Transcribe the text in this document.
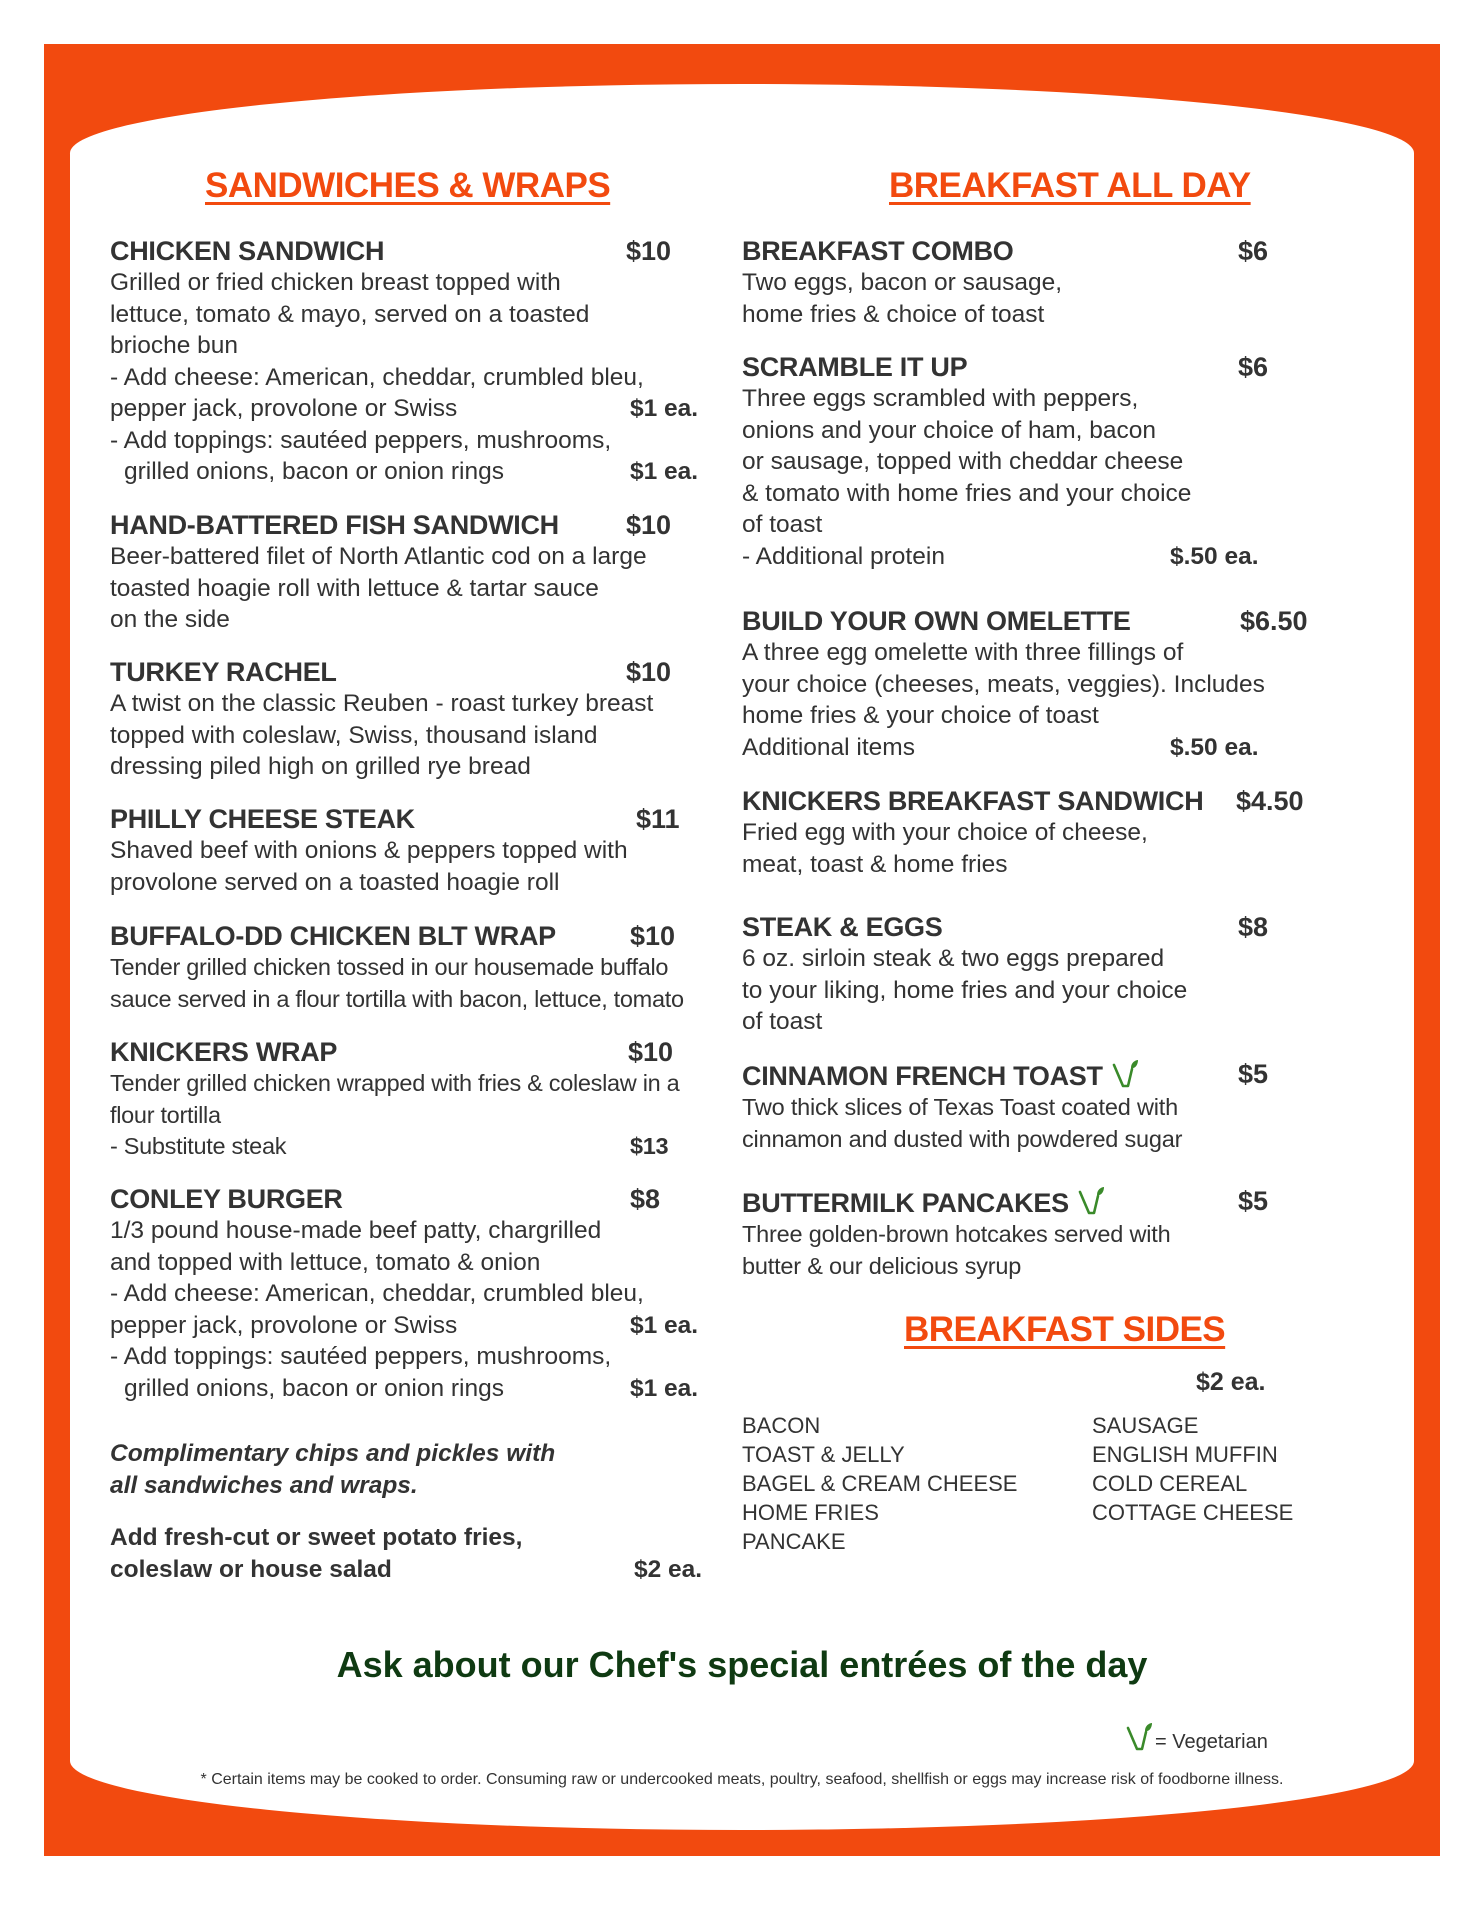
SANDWICHES & WRAPS
CHICKEN SANDWICH	$10
Grilled or fried chicken breast topped with
lettuce, tomato & mayo, served on a toasted
brioche bun
- Add cheese: American, cheddar, crumbled bleu,
pepper jack, provolone or Swiss	$1 ea.
- Add toppings: sautéed peppers, mushrooms,
grilled onions, bacon or onion rings	$1 ea.
HAND-BATTERED FISH SANDWICH	$10
Beer-battered filet of North Atlantic cod on a large
toasted hoagie roll with lettuce & tartar sauce
on the side
TURKEY RACHEL	$10
A twist on the classic Reuben - roast turkey breast
topped with coleslaw, Swiss, thousand island
dressing piled high on grilled rye bread
PHILLY CHEESE STEAK	$11
Shaved beef with onions & peppers topped with
provolone served on a toasted hoagie roll
BUFFALO-DD CHICKEN BLT WRAP	$10
Tender grilled chicken tossed in our housemade buffalo
sauce served in a flour tortilla with bacon, lettuce, tomato
KNICKERS WRAP	$10
Tender grilled chicken wrapped with fries & coleslaw in a
flour tortilla
- Substitute steak	$13
CONLEY BURGER	$8
1/3 pound house-made beef patty, chargrilled
and topped with lettuce, tomato & onion
- Add cheese: American, cheddar, crumbled bleu,
pepper jack, provolone or Swiss	$1 ea.
- Add toppings: sautéed peppers, mushrooms,
grilled onions, bacon or onion rings	$1 ea.
Complimentary chips and pickles with
all sandwiches and wraps.
Add fresh-cut or sweet potato fries,
coleslaw or house salad	$2 ea.
BREAKFAST ALL DAY
BREAKFAST COMBO	$6
Two eggs, bacon or sausage,
home fries & choice of toast
SCRAMBLE IT UP	$6
Three eggs scrambled with peppers,
onions and your choice of ham, bacon
or sausage, topped with cheddar cheese
& tomato with home fries and your choice
of toast
- Additional protein	$.50 ea.
BUILD YOUR OWN OMELETTE	$6.50
A three egg omelette with three fillings of
your choice (cheeses, meats, veggies). Includes
home fries & your choice of toast
Additional items	$.50 ea.
KNICKERS BREAKFAST SANDWICH	$4.50
Fried egg with your choice of cheese,
meat, toast & home fries
STEAK & EGGS	$8
6 oz. sirloin steak & two eggs prepared
to your liking, home fries and your choice
of toast
CINNAMON FRENCH TOAST	$5
Two thick slices of Texas Toast coated with
cinnamon and dusted with powdered sugar
BUTTERMILK PANCAKES	$5
Three golden-brown hotcakes served with
butter & our delicious syrup
BREAKFAST SIDES
$2 ea.
BACON
TOAST & JELLY
BAGEL & CREAM CHEESE
HOME FRIES
PANCAKE
SAUSAGE
ENGLISH MUFFIN
COLD CEREAL
COTTAGE CHEESE
Ask about our Chef's special entrées of the day
= Vegetarian
* Certain items may be cooked to order. Consuming raw or undercooked meats, poultry, seafood, shellfish or eggs may increase risk of foodborne illness.
